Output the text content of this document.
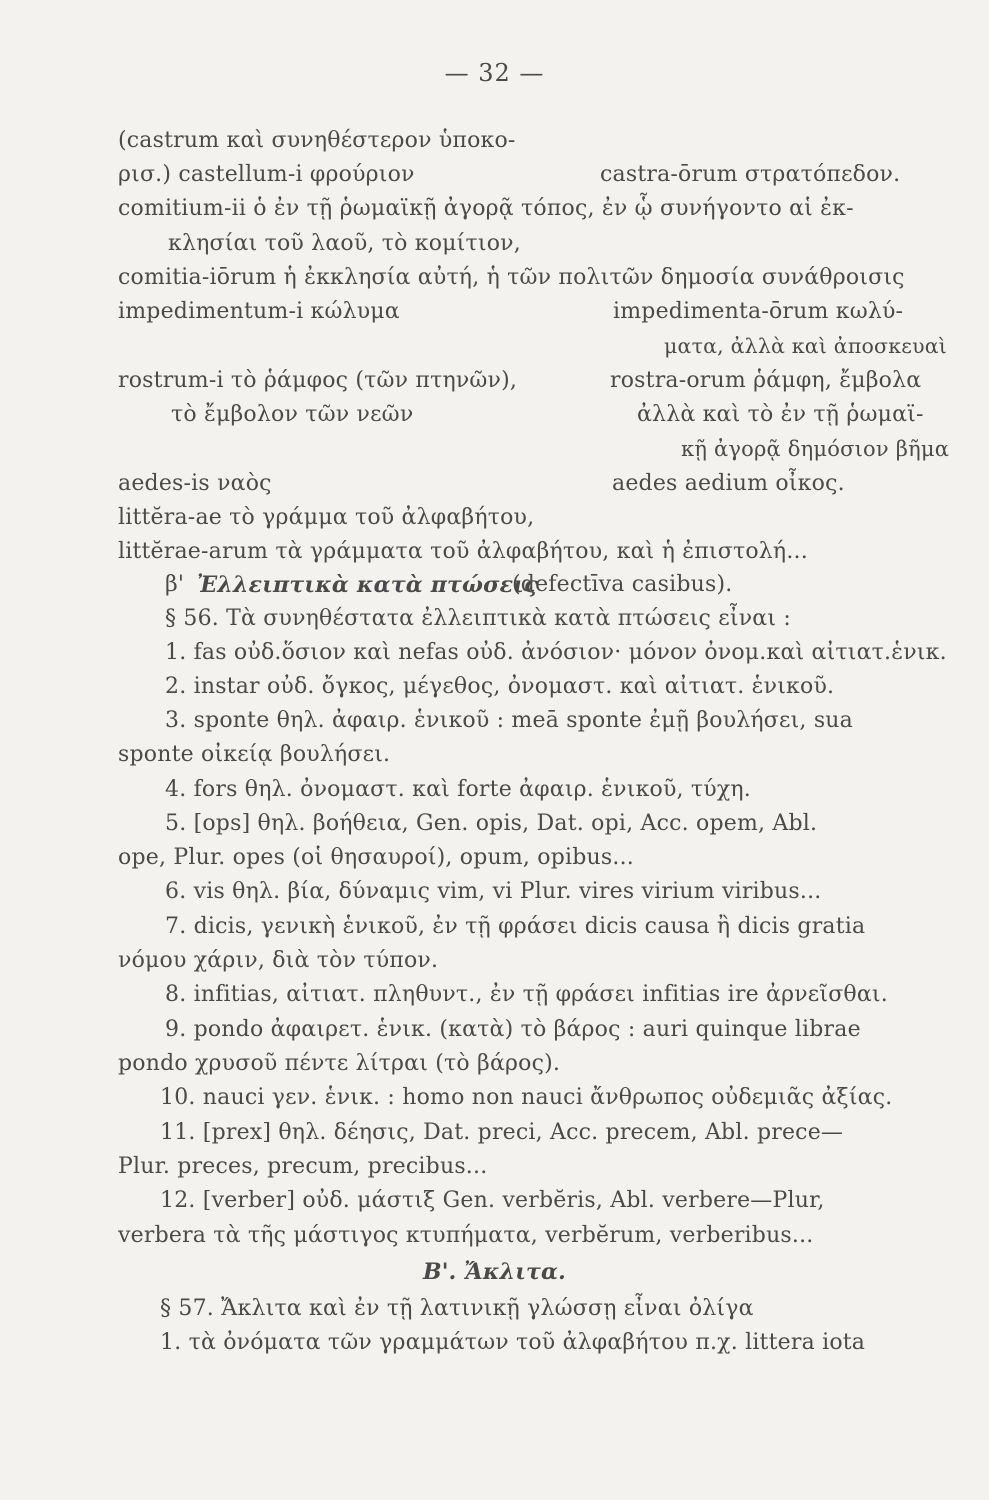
— 32 —
(castrum καὶ συνηθέστερον ὑποκο-
ρισ.) castellum-i φρούριον	castra-ōrum στρατόπεδον.
comitium-ii ὁ ἐν τῇ ῥωμαϊκῇ ἀγορᾷ τόπος, ἐν ᾧ συνήγοντο αἱ ἐκ-
κλησίαι τοῦ λαοῦ, τὸ κομίτιον,
comitia-iōrum ἡ ἐκκλησία αὐτή, ἡ τῶν πολιτῶν δημοσία συνάθροισις
impedimentum-i κώλυμα	impedimenta-ōrum κωλύ-
ματα, ἀλλὰ καὶ ἀποσκευαὶ
rostrum-i τὸ ῥάμφος (τῶν πτηνῶν),	rostra-orum ῥάμφη, ἔμβολα
τὸ ἔμβολον τῶν νεῶν	ἀλλὰ καὶ τὸ ἐν τῇ ῥωμαϊ-
κῇ ἀγορᾷ δημόσιον βῆμα
aedes-is ναὸς	aedes aedium οἶκος.
littĕra-ae τὸ γράμμα τοῦ ἀλφαβήτου,
littĕrae-arum τὰ γράμματα τοῦ ἀλφαβήτου, καὶ ἡ ἐπιστολή...
β' Ἐλλειπτικὰ κατὰ πτώσεις
(defectīva casibus).
§ 56. Τὰ συνηθέστατα ἐλλειπτικὰ κατὰ πτώσεις εἶναι :
1. fas οὐδ.ὅσιον καὶ nefas οὐδ. ἀνόσιον· μόνον ὀνομ.καὶ αἰτιατ.ἑνικ.
2. instar οὐδ. ὄγκος, μέγεθος, ὀνομαστ. καὶ αἰτιατ. ἑνικοῦ.
3. sponte θηλ. ἀφαιρ. ἑνικοῦ : meā sponte ἐμῇ βουλήσει, sua
sponte οἰκείᾳ βουλήσει.
4. fors θηλ. ὀνομαστ. καὶ forte ἀφαιρ. ἑνικοῦ, τύχη.
5. [ops] θηλ. βοήθεια, Gen. opis, Dat. opi, Acc. opem, Abl.
ope, Plur. opes (οἱ θησαυροί), opum, opibus...
6. vis θηλ. βία, δύναμις vim, vi Plur. vires virium viribus...
7. dicis, γενικὴ ἑνικοῦ, ἐν τῇ φράσει dicis causa ἢ dicis gratia
νόμου χάριν, διὰ τὸν τύπον.
8. infitias, αἰτιατ. πληθυντ., ἐν τῇ φράσει infitias ire ἀρνεῖσθαι.
9. pondo ἀφαιρετ. ἑνικ. (κατὰ) τὸ βάρος : auri quinque librae
pondo χρυσοῦ πέντε λίτραι (τὸ βάρος).
10. nauci γεν. ἑνικ. : homo non nauci ἄνθρωπος οὐδεμιᾶς ἀξίας.
11. [prex] θηλ. δέησις, Dat. preci, Acc. precem, Abl. prece—
Plur. preces, precum, precibus...
12. [verber] οὐδ. μάστιξ Gen. verbĕris, Abl. verbere—Plur,
verbera τὰ τῆς μάστιγος κτυπήματα, verbĕrum, verberibus...
Β'. Ἄκλιτα.
§ 57. Ἄκλιτα καὶ ἐν τῇ λατινικῇ γλώσσῃ εἶναι ὀλίγα
1. τὰ ὀνόματα τῶν γραμμάτων τοῦ ἀλφαβήτου π.χ. littera iota
